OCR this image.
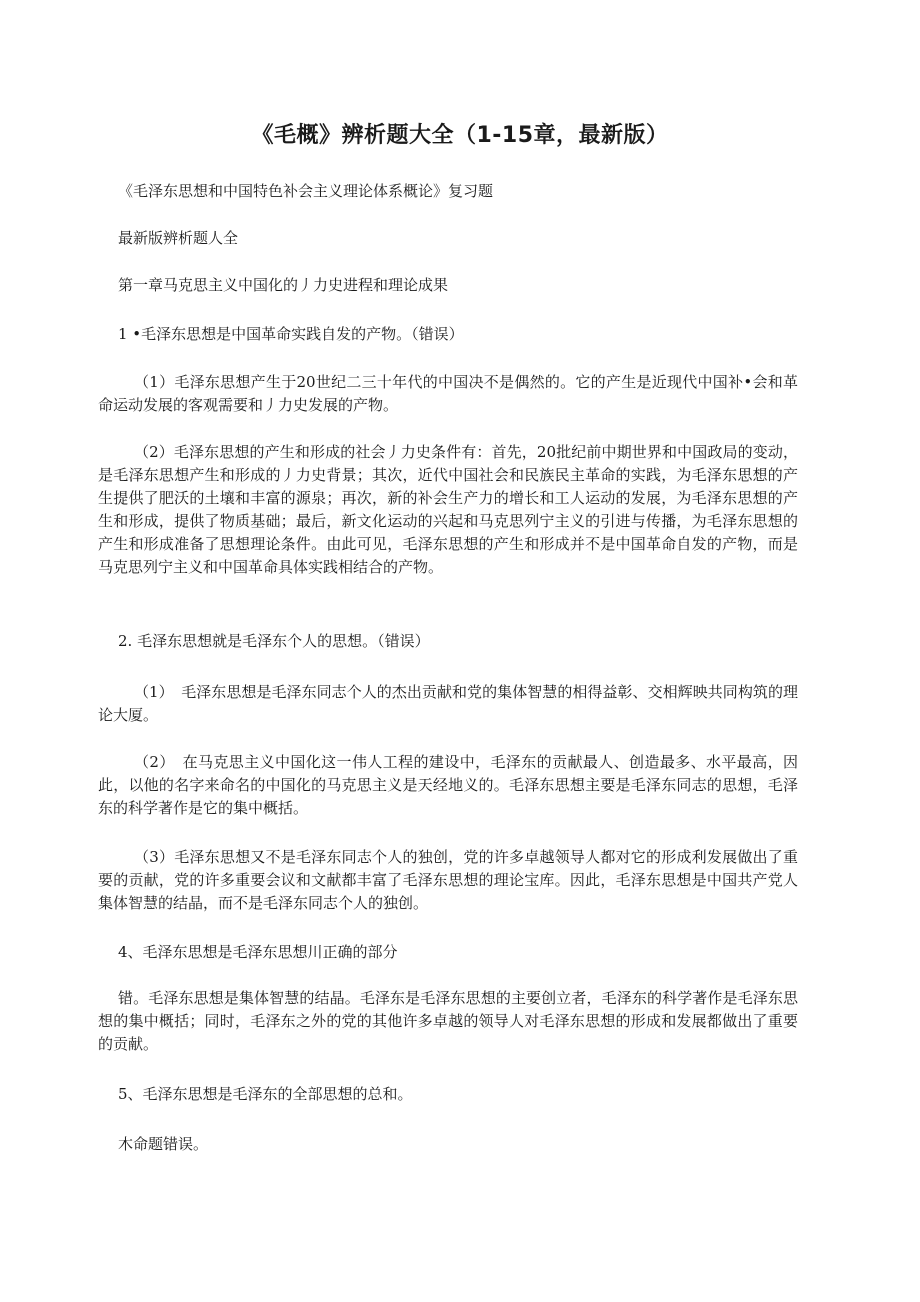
《毛概》辨析题大全（1-15章，最新版）

《毛泽东思想和中国特色补会主义理论体系概论》复习题

最新版辨析题人全

第一章马克思主义中国化的丿力史进程和理论成果

1 •毛泽东思想是中国革命实践自发的产物。（错误）

（1）毛泽东思想产生于20世纪二三十年代的中国决不是偶然的。它的产生是近现代中国补•会和革命运动发展的客观需要和丿力史发展的产物。

（2）毛泽东思想的产生和形成的社会丿力史条件有：首先，20批纪前中期世界和中国政局的变动，是毛泽东思想产生和形成的丿力史背景；其次，近代中国社会和民族民主革命的实践，为毛泽东思想的产生提供了肥沃的土壤和丰富的源泉；再次，新的补会生产力的增长和工人运动的发展，为毛泽东思想的产生和形成，提供了物质基础；最后，新文化运动的兴起和马克思列宁主义的引进与传播，为毛泽东思想的产生和形成准备了思想理论条件。由此可见，毛泽东思想的产生和形成并不是中国革命自发的产物，而是马克思列宁主义和中国革命具体实践相结合的产物。

2. 毛泽东思想就是毛泽东个人的思想。（错误）

（1）　毛泽东思想是毛泽东同志个人的杰出贡献和党的集体智慧的相得益彰、交相辉映共同构筑的理论大厦。

（2）　在马克思主义中国化这一伟人工程的建设中，毛泽东的贡献最人、创造最多、水平最高，因此，以他的名字来命名的中国化的马克思主义是天经地义的。毛泽东思想主要是毛泽东同志的思想，毛泽东的科学著作是它的集中概括。

（3）毛泽东思想又不是毛泽东同志个人的独创，党的许多卓越领导人都对它的形成利发展做出了重要的贡献，党的许多重要会议和文献都丰富了毛泽东思想的理论宝库。因此，毛泽东思想是中国共产党人集体智慧的结晶，而不是毛泽东同志个人的独创。

4、毛泽东思想是毛泽东思想川正确的部分

错。毛泽东思想是集体智慧的结晶。毛泽东是毛泽东思想的主要创立者，毛泽东的科学著作是毛泽东思想的集中概括；同时，毛泽东之外的党的其他许多卓越的领导人对毛泽东思想的形成和发展都做出了重要的贡献。

5、毛泽东思想是毛泽东的全部思想的总和。

木命题错误。
